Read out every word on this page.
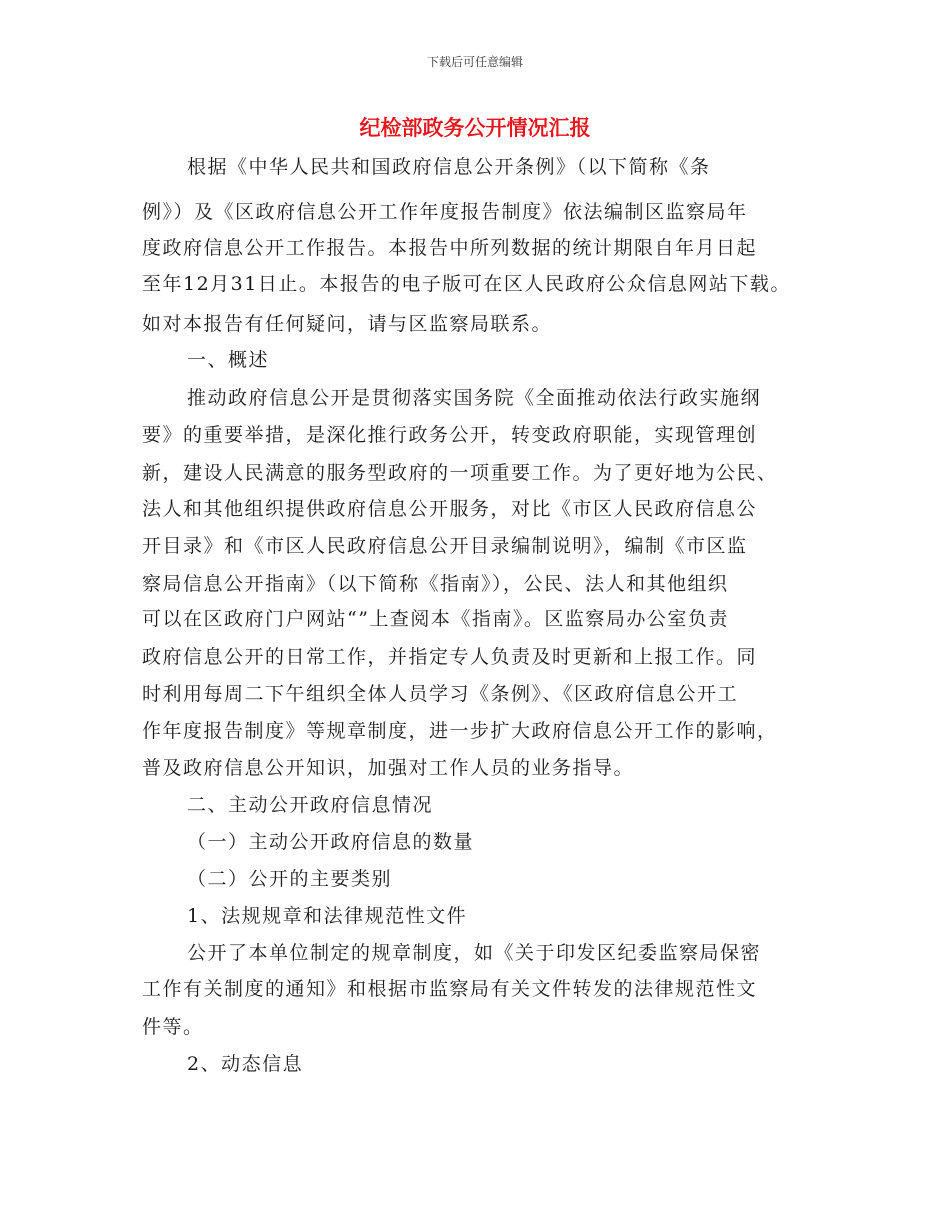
下载后可任意编辑
纪检部政务公开情况汇报
根据《中华人民共和国政府信息公开条例》（以下简称《条
例》）及《区政府信息公开工作年度报告制度》依法编制区监察局年
度政府信息公开工作报告。本报告中所列数据的统计期限自年月日起
至年12月31日止。本报告的电子版可在区人民政府公众信息网站下载。
如对本报告有任何疑问，请与区监察局联系。
一、概述
推动政府信息公开是贯彻落实国务院《全面推动依法行政实施纲
要》的重要举措，是深化推行政务公开，转变政府职能，实现管理创
新，建设人民满意的服务型政府的一项重要工作。为了更好地为公民、
法人和其他组织提供政府信息公开服务，对比《市区人民政府信息公
开目录》和《市区人民政府信息公开目录编制说明》，编制《市区监
察局信息公开指南》（以下简称《指南》），公民、法人和其他组织
可以在区政府门户网站“”上查阅本《指南》。区监察局办公室负责
政府信息公开的日常工作，并指定专人负责及时更新和上报工作。同
时利用每周二下午组织全体人员学习《条例》、《区政府信息公开工
作年度报告制度》等规章制度，进一步扩大政府信息公开工作的影响，
普及政府信息公开知识，加强对工作人员的业务指导。
二、主动公开政府信息情况
（一）主动公开政府信息的数量
（二）公开的主要类别
1、法规规章和法律规范性文件
公开了本单位制定的规章制度，如《关于印发区纪委监察局保密
工作有关制度的通知》和根据市监察局有关文件转发的法律规范性文
件等。
2、动态信息
